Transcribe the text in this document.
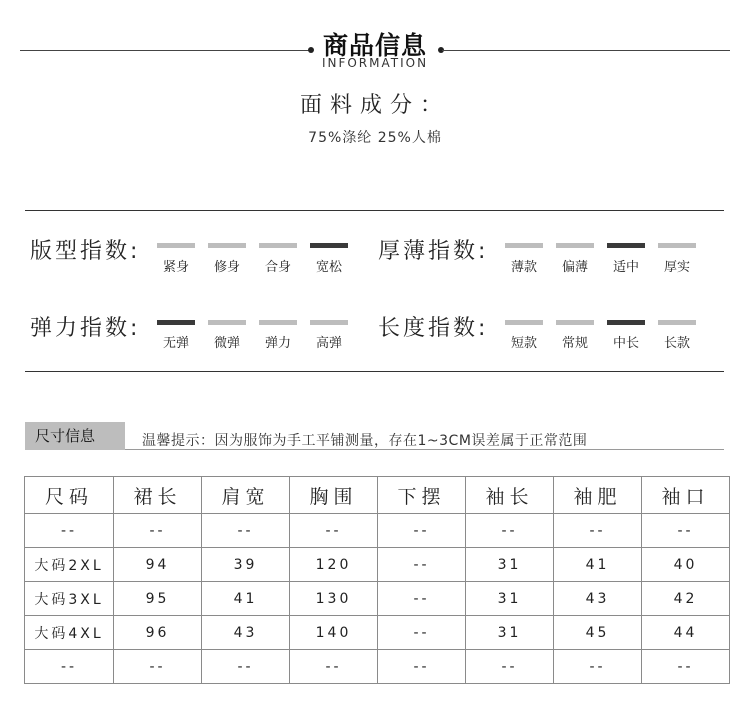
商品信息
INFORMATION
面料成分：
75%涤纶 25%人棉
版型指数:
紧身	修身	合身	宽松
厚薄指数:
薄款	偏薄	适中	厚实
弹力指数:
无弹	微弹	弹力	高弹
长度指数:
短款	常规	中长	长款
尺寸信息	温馨提示：因为服饰为手工平铺测量，存在1~3CM误差属于正常范围
尺码	裙长	肩宽	胸围	下摆	袖长	袖肥	袖口
--	--	--	--	--	--	--	--
大码2XL	94	39	120	--	31	41	40
大码3XL	95	41	130	--	31	43	42
大码4XL	96	43	140	--	31	45	44
--	--	--	--	--	--	--	--
